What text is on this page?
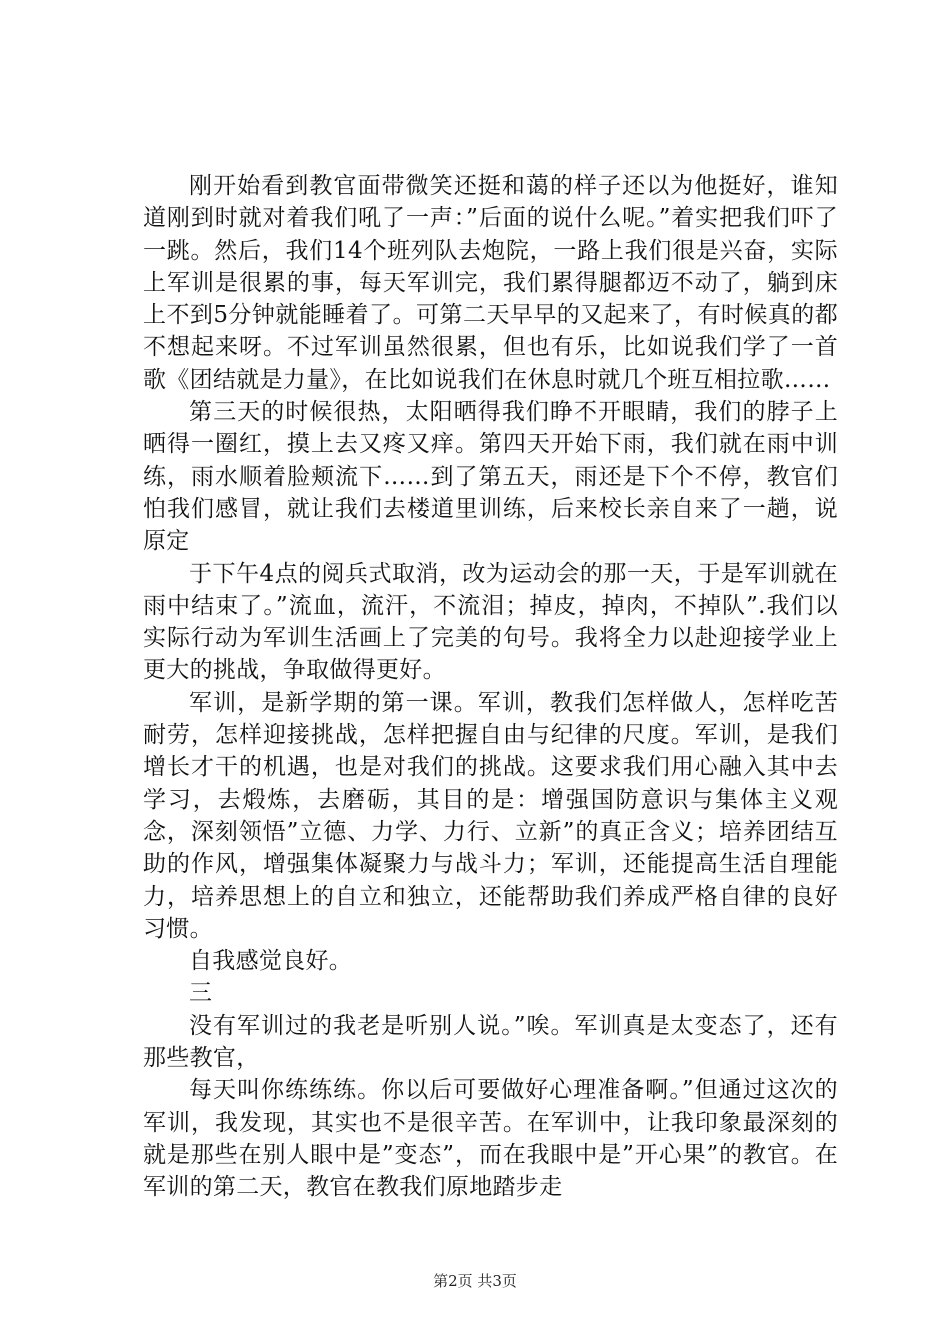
刚开始看到教官面带微笑还挺和蔼的样子还以为他挺好，谁知道刚到时就对着我们吼了一声：”后面的说什么呢。”着实把我们吓了一跳。然后，我们14个班列队去炮院，一路上我们很是兴奋，实际上军训是很累的事，每天军训完，我们累得腿都迈不动了，躺到床上不到5分钟就能睡着了。可第二天早早的又起来了，有时候真的都不想起来呀。不过军训虽然很累，但也有乐，比如说我们学了一首歌《团结就是力量》，在比如说我们在休息时就几个班互相拉歌……

第三天的时候很热，太阳晒得我们睁不开眼睛，我们的脖子上晒得一圈红，摸上去又疼又痒。第四天开始下雨，我们就在雨中训练，雨水顺着脸颊流下……到了第五天，雨还是下个不停，教官们怕我们感冒，就让我们去楼道里训练，后来校长亲自来了一趟，说原定

于下午4点的阅兵式取消，改为运动会的那一天，于是军训就在雨中结束了。”流血，流汗，不流泪；掉皮，掉肉，不掉队”.我们以实际行动为军训生活画上了完美的句号。我将全力以赴迎接学业上更大的挑战，争取做得更好。

军训，是新学期的第一课。军训，教我们怎样做人，怎样吃苦耐劳，怎样迎接挑战，怎样把握自由与纪律的尺度。军训，是我们增长才干的机遇，也是对我们的挑战。这要求我们用心融入其中去学习，去煅炼，去磨砺，其目的是：增强国防意识与集体主义观念，深刻领悟”立德、力学、力行、立新”的真正含义；培养团结互助的作风，增强集体凝聚力与战斗力；军训，还能提高生活自理能力，培养思想上的自立和独立，还能帮助我们养成严格自律的良好习惯。

自我感觉良好。

三

没有军训过的我老是听别人说。”唉。军训真是太变态了，还有那些教官，

每天叫你练练练。你以后可要做好心理准备啊。”但通过这次的军训，我发现，其实也不是很辛苦。在军训中，让我印象最深刻的就是那些在别人眼中是”变态”，而在我眼中是”开心果”的教官。在军训的第二天，教官在教我们原地踏步走

第2页 共3页
